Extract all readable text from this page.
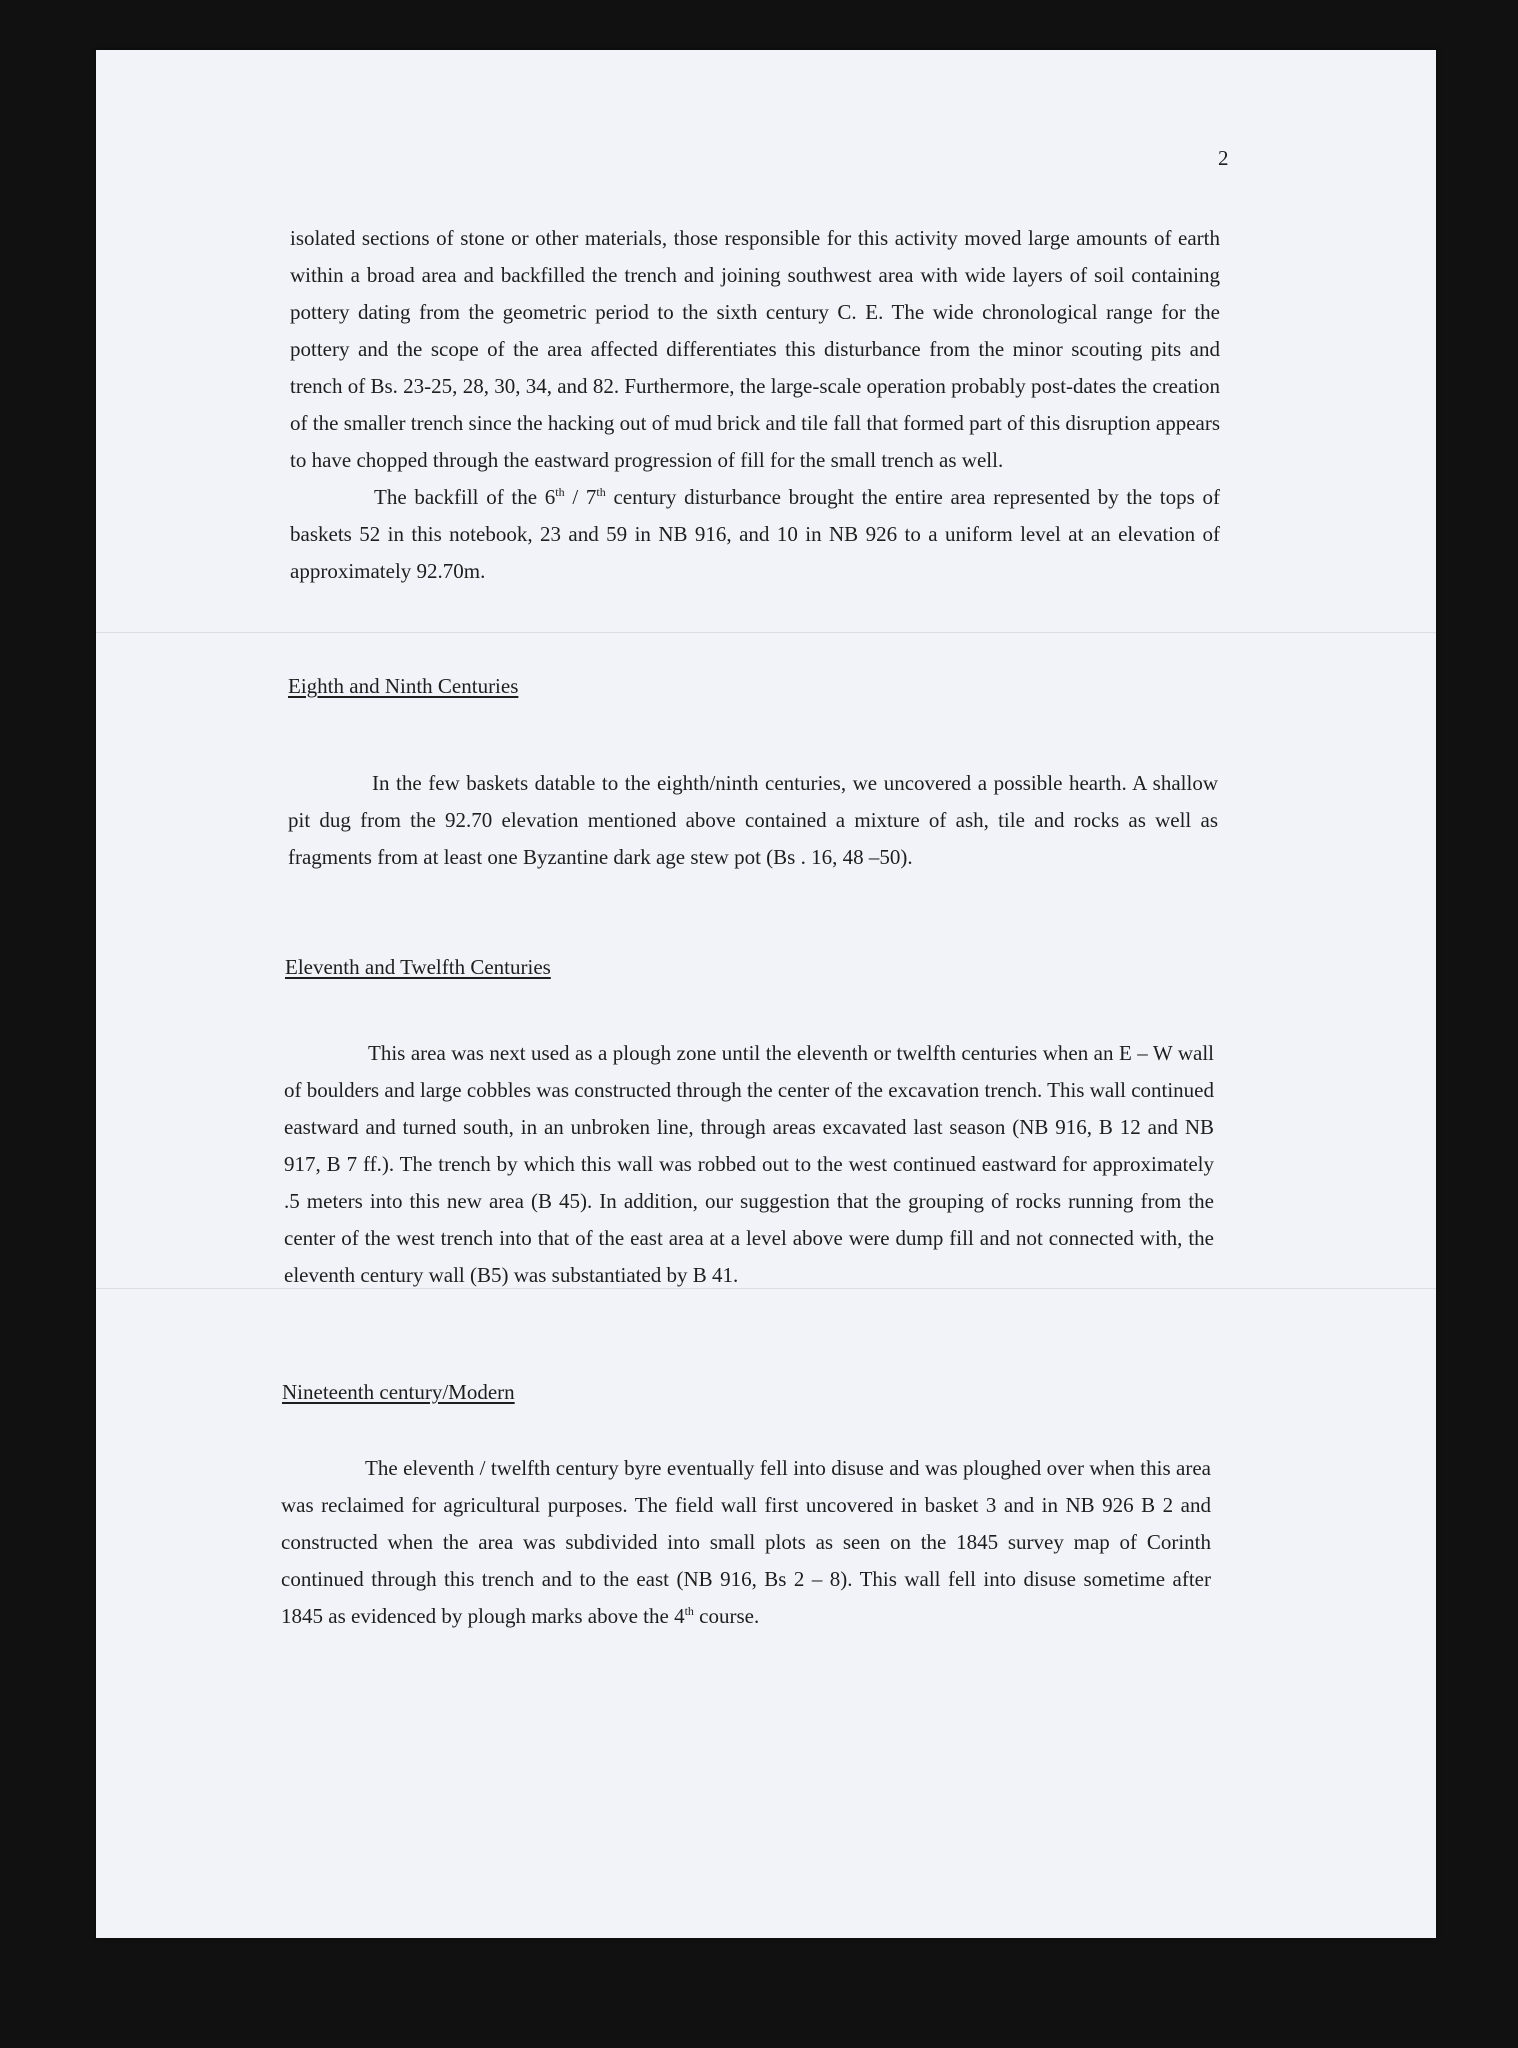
2

isolated sections of stone or other materials, those responsible for this activity moved large amounts of earth within a broad area and backfilled the trench and joining southwest area with wide layers of soil containing pottery dating from the geometric period to the sixth century C. E. The wide chronological range for the pottery and the scope of the area affected differentiates this disturbance from the minor scouting pits and trench of Bs. 23-25, 28, 30, 34, and 82. Furthermore, the large-scale operation probably post-dates the creation of the smaller trench since the hacking out of mud brick and tile fall that formed part of this disruption appears to have chopped through the eastward progression of fill for the small trench as well.

The backfill of the 6th / 7th century disturbance brought the entire area represented by the tops of baskets 52 in this notebook, 23 and 59 in NB 916, and 10 in NB 926 to a uniform level at an elevation of approximately 92.70m.

Eighth and Ninth Centuries

In the few baskets datable to the eighth/ninth centuries, we uncovered a possible hearth. A shallow pit dug from the 92.70 elevation mentioned above contained a mixture of ash, tile and rocks as well as fragments from at least one Byzantine dark age stew pot (Bs . 16, 48 –50).

Eleventh and Twelfth Centuries

This area was next used as a plough zone until the eleventh or twelfth centuries when an E – W wall of boulders and large cobbles was constructed through the center of the excavation trench. This wall continued eastward and turned south, in an unbroken line, through areas excavated last season (NB 916, B 12 and NB 917, B 7 ff.). The trench by which this wall was robbed out to the west continued eastward for approximately .5 meters into this new area (B 45). In addition, our suggestion that the grouping of rocks running from the center of the west trench into that of the east area at a level above were dump fill and not connected with, the eleventh century wall (B5) was substantiated by B 41.

Nineteenth century/Modern

The eleventh / twelfth century byre eventually fell into disuse and was ploughed over when this area was reclaimed for agricultural purposes. The field wall first uncovered in basket 3 and in NB 926 B 2 and constructed when the area was subdivided into small plots as seen on the 1845 survey map of Corinth continued through this trench and to the east (NB 916, Bs 2 – 8). This wall fell into disuse sometime after 1845 as evidenced by plough marks above the 4th course.
